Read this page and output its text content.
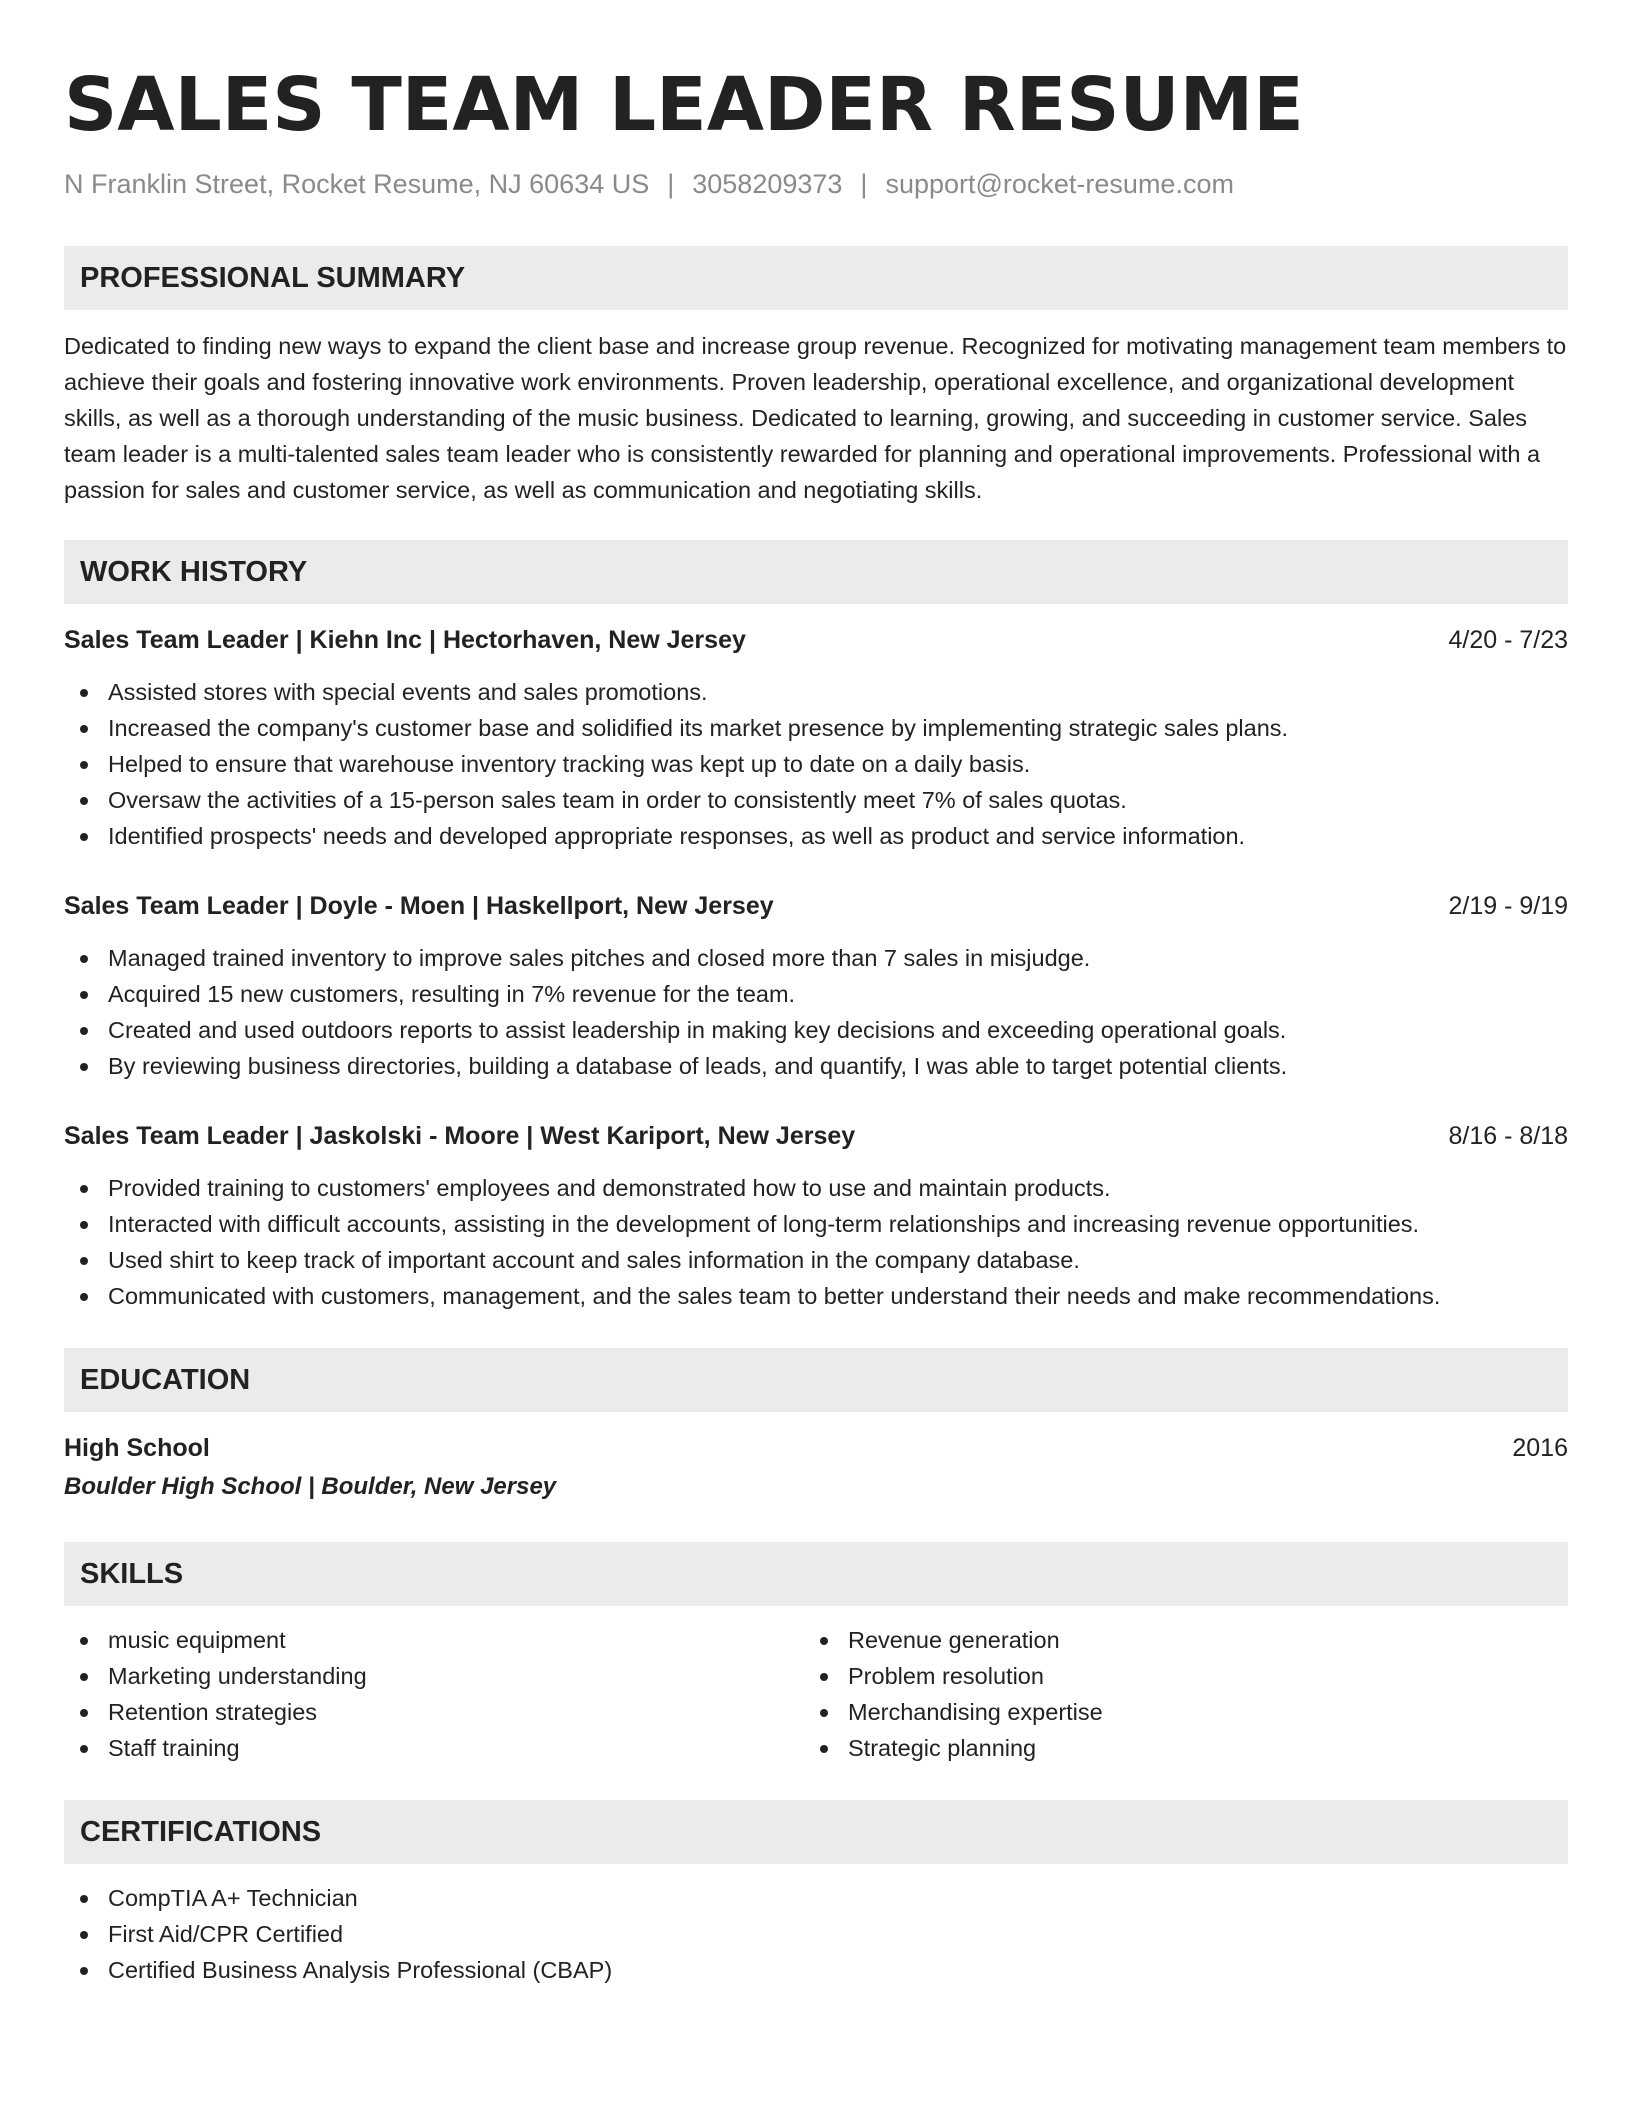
SALES TEAM LEADER RESUME
N Franklin Street, Rocket Resume, NJ 60634 US | 3058209373 | support@rocket-resume.com
PROFESSIONAL SUMMARY

Dedicated to finding new ways to expand the client base and increase group revenue. Recognized for motivating management team members to achieve their goals and fostering innovative work environments. Proven leadership, operational excellence, and organizational development skills, as well as a thorough understanding of the music business. Dedicated to learning, growing, and succeeding in customer service. Sales team leader is a multi-talented sales team leader who is consistently rewarded for planning and operational improvements. Professional with a passion for sales and customer service, as well as communication and negotiating skills.

WORK HISTORY
Sales Team Leader | Kiehn Inc | Hectorhaven, New Jersey	4/20 - 7/23
Assisted stores with special events and sales promotions.
Increased the company's customer base and solidified its market presence by implementing strategic sales plans.
Helped to ensure that warehouse inventory tracking was kept up to date on a daily basis.
Oversaw the activities of a 15-person sales team in order to consistently meet 7% of sales quotas.
Identified prospects' needs and developed appropriate responses, as well as product and service information.
Sales Team Leader | Doyle - Moen | Haskellport, New Jersey	2/19 - 9/19
Managed trained inventory to improve sales pitches and closed more than 7 sales in misjudge.
Acquired 15 new customers, resulting in 7% revenue for the team.
Created and used outdoors reports to assist leadership in making key decisions and exceeding operational goals.
By reviewing business directories, building a database of leads, and quantify, I was able to target potential clients.
Sales Team Leader | Jaskolski - Moore | West Kariport, New Jersey	8/16 - 8/18
Provided training to customers' employees and demonstrated how to use and maintain products.
Interacted with difficult accounts, assisting in the development of long-term relationships and increasing revenue opportunities.
Used shirt to keep track of important account and sales information in the company database.
Communicated with customers, management, and the sales team to better understand their needs and make recommendations.
EDUCATION
High School	2016
Boulder High School | Boulder, New Jersey
SKILLS
music equipment
Marketing understanding
Retention strategies
Staff training
Revenue generation
Problem resolution
Merchandising expertise
Strategic planning
CERTIFICATIONS
CompTIA A+ Technician
First Aid/CPR Certified
Certified Business Analysis Professional (CBAP)
